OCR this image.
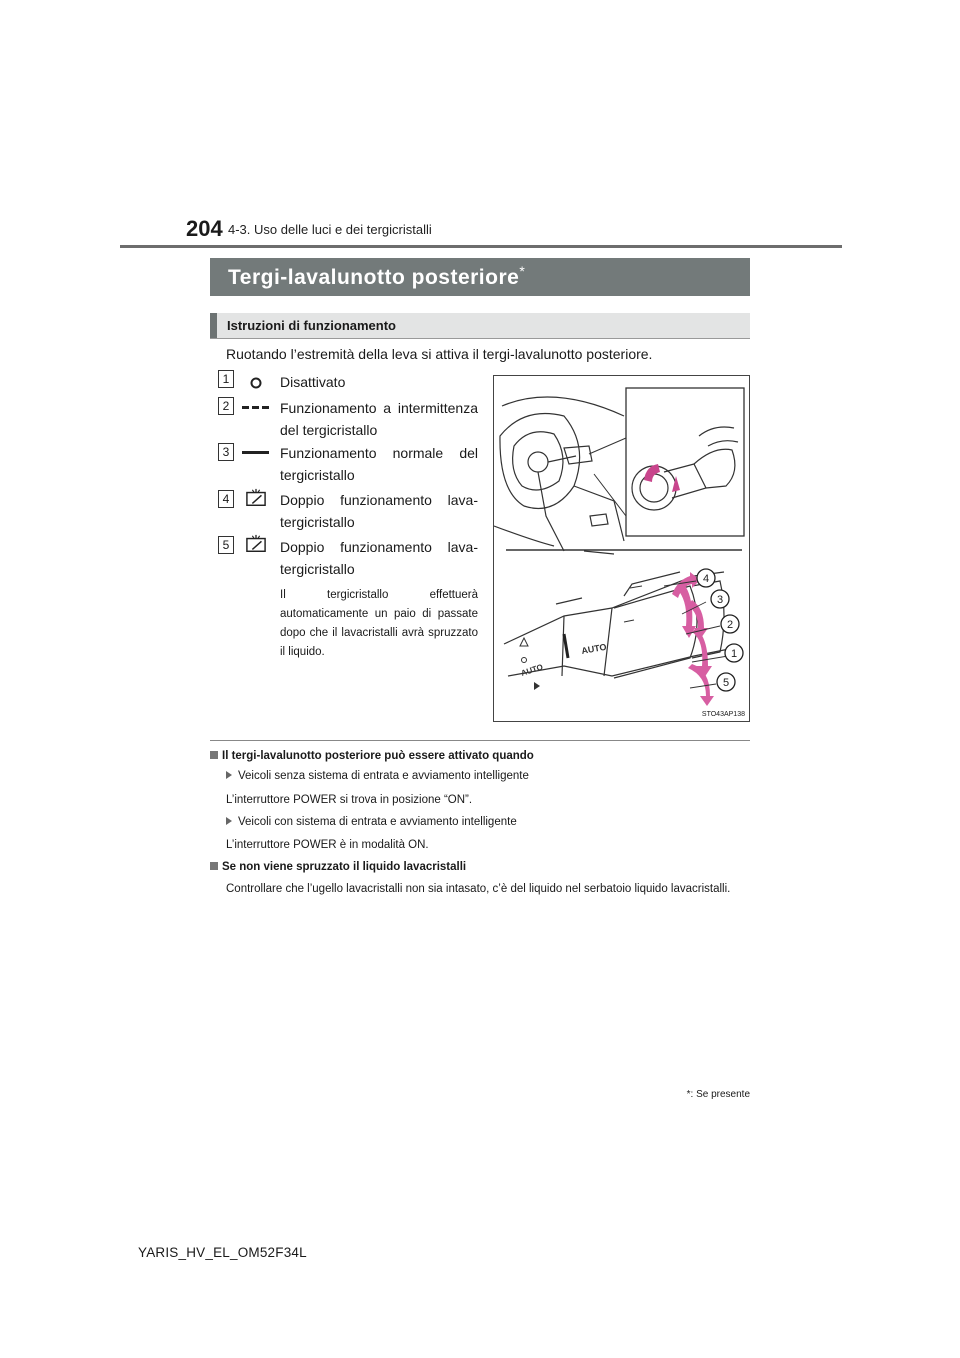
204 4-3. Uso delle luci e dei tergicristalli
Tergi-lavalunotto posteriore*
Istruzioni di funzionamento
Ruotando l’estremità della leva si attiva il tergi-lavalunotto posteriore.
1	Disattivato
2	Funzionamento a intermittenza del tergicristallo
3	Funzionamento normale del tergicristallo
4	Doppio funzionamento lava-tergicristallo
5	Doppio funzionamento lava-tergicristallo
Il tergicristallo effettuerà automaticamente un paio di passate dopo che il lavacristalli avrà spruzzato il liquido.	AUTO
AUTO
4
3
2
1
5
STO43AP138
Il tergi-lavalunotto posteriore può essere attivato quando
Veicoli senza sistema di entrata e avviamento intelligente
L’interruttore POWER si trova in posizione “ON”.
Veicoli con sistema di entrata e avviamento intelligente
L’interruttore POWER è in modalità ON.
Se non viene spruzzato il liquido lavacristalli
Controllare che l’ugello lavacristalli non sia intasato, c’è del liquido nel serbatoio liquido lavacristalli.
*: Se presente
YARIS_HV_EL_OM52F34L
